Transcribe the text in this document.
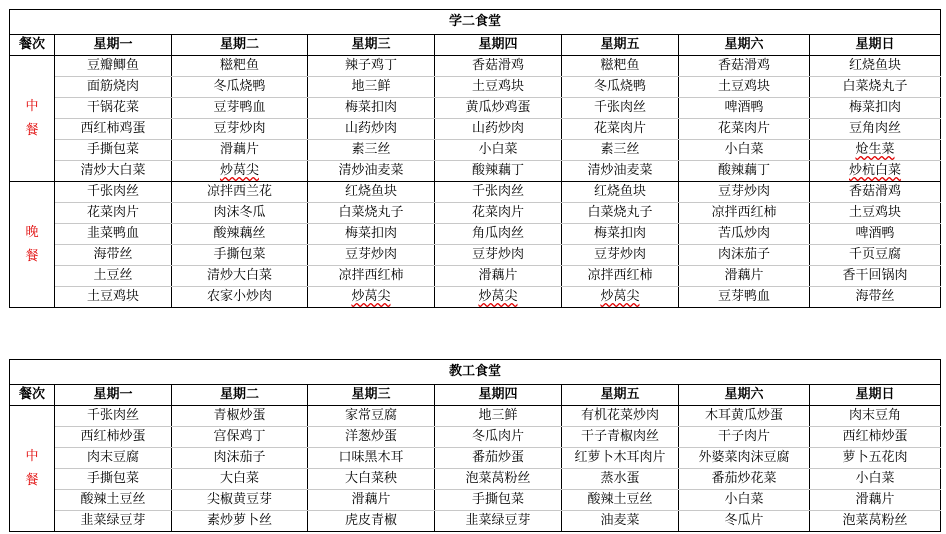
学二食堂							
餐次	星期一	星期二	星期三	星期四	星期五	星期六	星期日

中
餐	豆瓣鲫鱼	糍粑鱼	辣子鸡丁	香菇滑鸡	糍粑鱼	香菇滑鸡	红烧鱼块
	面筋烧肉	冬瓜烧鸭	地三鲜	土豆鸡块	冬瓜烧鸭	土豆鸡块	白菜烧丸子
	干锅花菜	豆芽鸭血	梅菜扣肉	黄瓜炒鸡蛋	千张肉丝	啤酒鸭	梅菜扣肉
	西红柿鸡蛋	豆芽炒肉	山药炒肉	山药炒肉	花菜肉片	花菜肉片	豆角肉丝
	手撕包菜	滑藕片	素三丝	小白菜	素三丝	小白菜	炝生菜
	清炒大白菜	炒莴尖	清炒油麦菜	酸辣藕丁	清炒油麦菜	酸辣藕丁	炒杭白菜

晚
餐	千张肉丝	凉拌西兰花	红烧鱼块	千张肉丝	红烧鱼块	豆芽炒肉	香菇滑鸡
	花菜肉片	肉沫冬瓜	白菜烧丸子	花菜肉片	白菜烧丸子	凉拌西红柿	土豆鸡块
	韭菜鸭血	酸辣藕丝	梅菜扣肉	角瓜肉丝	梅菜扣肉	苦瓜炒肉	啤酒鸭
	海带丝	手撕包菜	豆芽炒肉	豆芽炒肉	豆芽炒肉	肉沫茄子	千页豆腐
	土豆丝	清炒大白菜	凉拌西红柿	滑藕片	凉拌西红柿	滑藕片	香干回锅肉
	土豆鸡块	农家小炒肉	炒莴尖	炒莴尖	炒莴尖	豆芽鸭血	海带丝
教工食堂							
餐次	星期一	星期二	星期三	星期四	星期五	星期六	星期日

中
餐	千张肉丝	青椒炒蛋	家常豆腐	地三鲜	有机花菜炒肉	木耳黄瓜炒蛋	肉末豆角
	西红柿炒蛋	宫保鸡丁	洋葱炒蛋	冬瓜肉片	干子青椒肉丝	干子肉片	西红柿炒蛋
	肉末豆腐	肉沫茄子	口味黑木耳	番茄炒蛋	红萝卜木耳肉片	外婆菜肉沫豆腐	萝卜五花肉
	手撕包菜	大白菜	大白菜秧	泡菜莴粉丝	蒸水蛋	番茄炒花菜	小白菜
	酸辣土豆丝	尖椒黄豆芽	滑藕片	手撕包菜	酸辣土豆丝	小白菜	滑藕片
	韭菜绿豆芽	素炒萝卜丝	虎皮青椒	韭菜绿豆芽	油麦菜	冬瓜片	泡菜莴粉丝
